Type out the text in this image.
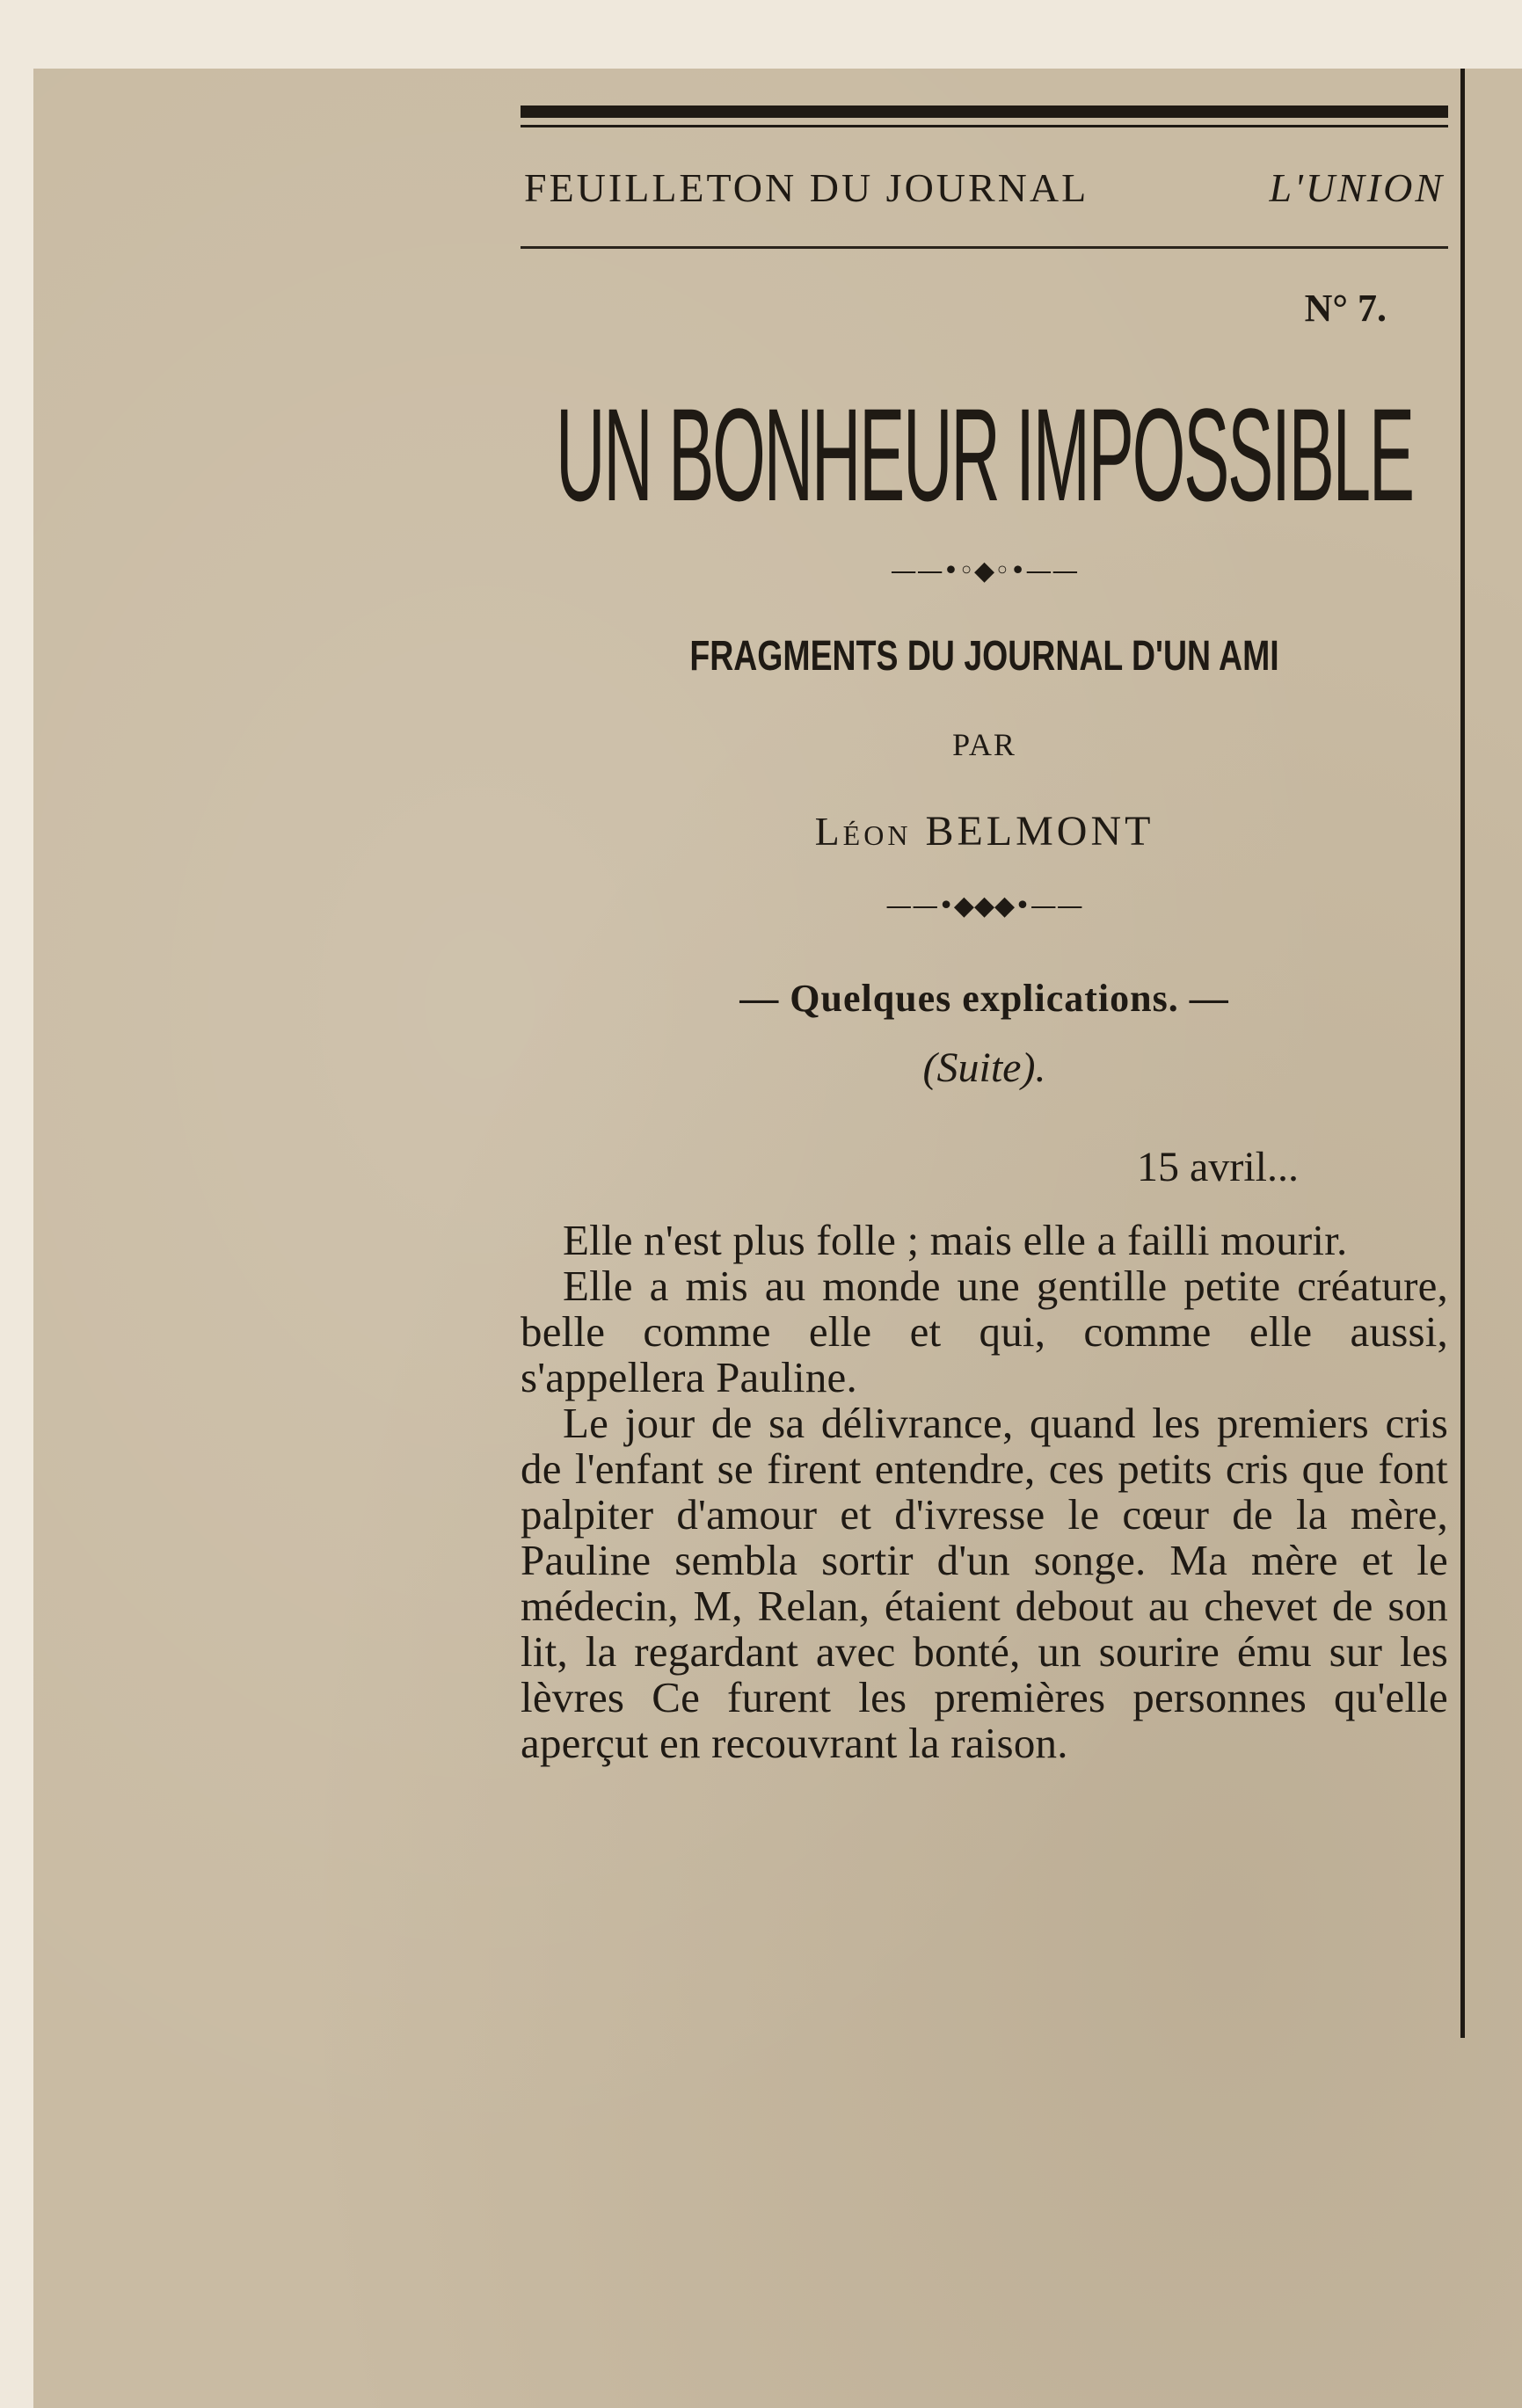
FEUILLETON DU JOURNAL	L'UNION
N° 7.
UN BONHEUR IMPOSSIBLE
——•◦◆◦•——
FRAGMENTS DU JOURNAL D'UN AMI
PAR
Léon BELMONT
——•◆◆◆•——
— Quelques explications. —
(Suite).
15 avril...

Elle n'est plus folle ; mais elle a failli mourir.

Elle a mis au monde une gentille petite créature, belle comme elle et qui, comme elle aussi, s'appellera Pauline.

Le jour de sa délivrance, quand les premiers cris de l'enfant se firent entendre, ces petits cris que font palpiter d'amour et d'ivresse le cœur de la mère, Pauline sembla sortir d'un songe. Ma mère et le médecin, M, Relan, étaient debout au chevet de son lit, la regardant avec bonté, un sourire ému sur les lèvres Ce furent les premières personnes qu'elle aperçut en recouvrant la raison.
